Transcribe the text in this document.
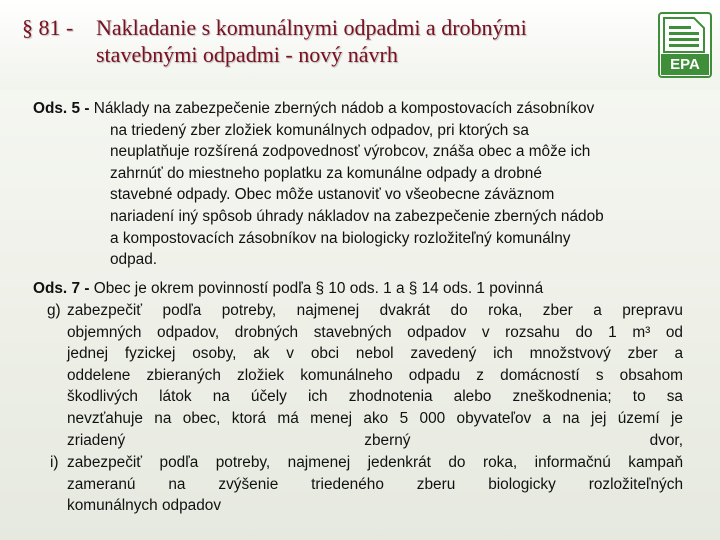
§ 81 - Nakladanie s komunálnymi odpadmi a drobnými
stavebnými odpadmi - nový návrh	EPA
Ods. 5 - Náklady na zabezpečenie zberných nádob a kompostovacích zásobníkov
na triedený zber zložiek komunálnych odpadov, pri ktorých sa
neuplatňuje rozšírená zodpovednosť výrobcov, znáša obec a môže ich
zahrnúť do miestneho poplatku za komunálne odpady a drobné
stavebné odpady. Obec môže ustanoviť vo všeobecne záväznom
nariadení iný spôsob úhrady nákladov na zabezpečenie zberných nádob
a kompostovacích zásobníkov na biologicky rozložiteľný komunálny
odpad.
Ods. 7 - Obec je okrem povinností podľa § 10 ods. 1 a § 14 ods. 1 povinná
g) zabezpečiť podľa potreby, najmenej dvakrát do roka, zber a prepravu
objemných odpadov, drobných stavebných odpadov v rozsahu do 1 m³ od
jednej fyzickej osoby, ak v obci nebol zavedený ich množstvový zber a
oddelene zbieraných zložiek komunálneho odpadu z domácností s obsahom
škodlivých látok na účely ich zhodnotenia alebo zneškodnenia; to sa
nevzťahuje na obec, ktorá má menej ako 5 000 obyvateľov a na jej území je
zriadený zberný dvor,
i) zabezpečiť podľa potreby, najmenej jedenkrát do roka, informačnú kampaň
zameranú na zvýšenie triedeného zberu biologicky rozložiteľných
komunálnych odpadov
